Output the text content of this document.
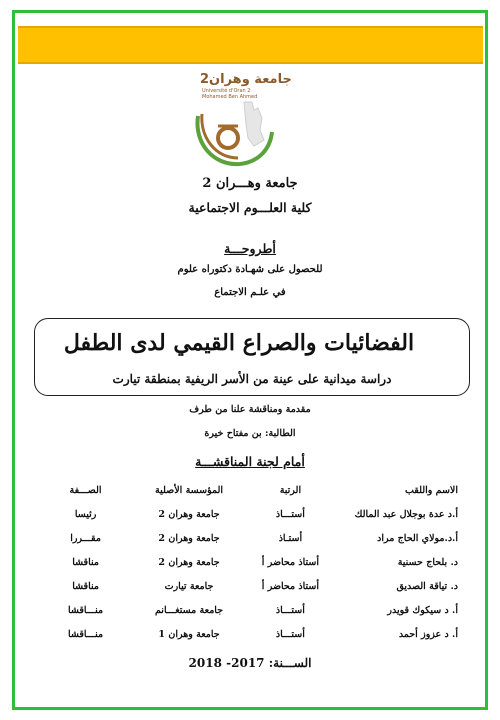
جامعة وهران2
Université d'Oran 2
Mohamed Ben Ahmed
جامعة وهـــران 2
كلية العلـــوم الاجتماعية
أطروحـــة
للحصول على شهـادة دكتوراه علوم
في علـم الاجتماع
الفضائيات والصراع القيمي لدى الطفل
دراسة ميدانية على عينة من الأسر الريفية بمنطقة تيارت
مقدمة ومناقشة علنا من طرف
الطالبة: بن مفتاح خيرة
أمام لجنة المناقشـــة
الاسم واللقب	الرتبة	المؤسسة الأصلية	الصـــفة
أ.د عدة بوجلال عبد المالك	أستـــاذ	جامعة وهران 2	رئيسا
أ.د.مولاي الحاج مراد	أستـاذ	جامعة وهران 2	مقـــررا
د. بلحاج حسنية	أستاذ محاضر أ	جامعة وهران 2	مناقشا
د. تياقة الصديق	أستاذ محاضر أ	جامعة تيارت	مناقشا
أ. د سيكوك قويدر	أستـــاذ	جامعة مستغـــانم	منـــاقشا
أ. د عزوز أحمد	أستـــاذ	جامعة وهران 1	منـــاقشا
الســـنة: 2017- 2018
